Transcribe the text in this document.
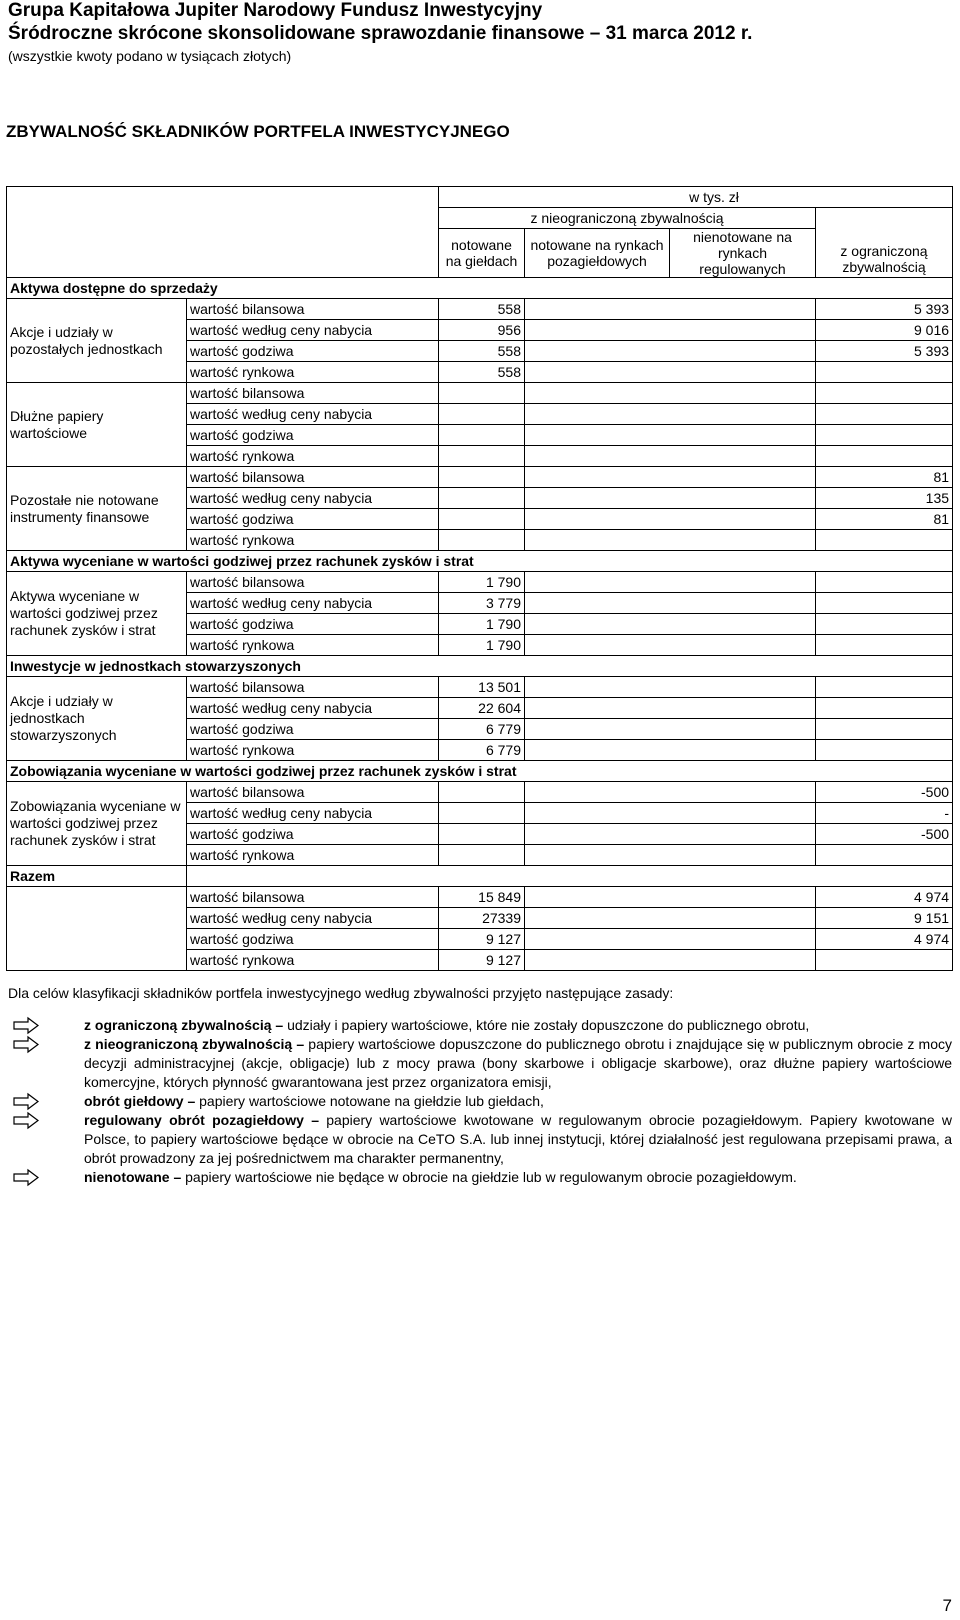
Grupa Kapitałowa Jupiter Narodowy Fundusz Inwestycyjny
Śródroczne skrócone skonsolidowane sprawozdanie finansowe – 31 marca 2012 r.
(wszystkie kwoty podano w tysiącach złotych)
ZBYWALNOŚĆ SKŁADNIKÓW PORTFELA INWESTYCYJNEGO
		w tys. zł			
		z nieograniczoną zbywalnością			z ograniczoną zbywalnością
		notowane na giełdach	notowane na rynkach pozagiełdowych	nienotowane na rynkach regulowanych	
Aktywa dostępne do sprzedaży					
Akcje i udziały w pozostałych jednostkach	wartość bilansowa	558			5 393
	wartość według ceny nabycia	956			9 016
	wartość godziwa	558			5 393
	wartość rynkowa	558			
Dłużne papiery wartościowe	wartość bilansowa				
	wartość według ceny nabycia				
	wartość godziwa				
	wartość rynkowa				
Pozostałe nie notowane instrumenty finansowe	wartość bilansowa				81
	wartość według ceny nabycia				135
	wartość godziwa				81
	wartość rynkowa				
Aktywa wyceniane w wartości godziwej przez rachunek zysków i strat					
Aktywa wyceniane w wartości godziwej przez rachunek zysków i strat	wartość bilansowa	1 790			
	wartość według ceny nabycia	3 779			
	wartość godziwa	1 790			
	wartość rynkowa	1 790			
Inwestycje w jednostkach stowarzyszonych					
Akcje i udziały w jednostkach stowarzyszonych	wartość bilansowa	13 501			
	wartość według ceny nabycia	22 604			
	wartość godziwa	6 779			
	wartość rynkowa	6 779			
Zobowiązania wyceniane w wartości godziwej przez rachunek zysków i strat					
Zobowiązania wyceniane w wartości godziwej przez rachunek zysków i strat	wartość bilansowa				-500
	wartość według ceny nabycia				-
	wartość godziwa				-500
	wartość rynkowa				
Razem					
	wartość bilansowa	15 849			4 974
	wartość według ceny nabycia	27339			9 151
	wartość godziwa	9 127			4 974
	wartość rynkowa	9 127			
Dla celów klasyfikacji składników portfela inwestycyjnego według zbywalności przyjęto następujące zasady:
z ograniczoną zbywalnością – udziały i papiery wartościowe, które nie zostały dopuszczone do publicznego obrotu,
z nieograniczoną zbywalnością – papiery wartościowe dopuszczone do publicznego obrotu i znajdujące się w publicznym obrocie z mocy decyzji administracyjnej (akcje, obligacje) lub z mocy prawa (bony skarbowe i obligacje skarbowe), oraz dłużne papiery wartościowe komercyjne, których płynność gwarantowana jest przez organizatora emisji,
obrót giełdowy – papiery wartościowe notowane na giełdzie lub giełdach,
regulowany obrót pozagiełdowy – papiery wartościowe kwotowane w regulowanym obrocie pozagiełdowym. Papiery kwotowane w Polsce, to papiery wartościowe będące w obrocie na CeTO S.A. lub innej instytucji, której działalność jest regulowana przepisami prawa, a obrót prowadzony za jej pośrednictwem ma charakter permanentny,
nienotowane – papiery wartościowe nie będące w obrocie na giełdzie lub w regulowanym obrocie pozagiełdowym.
7
